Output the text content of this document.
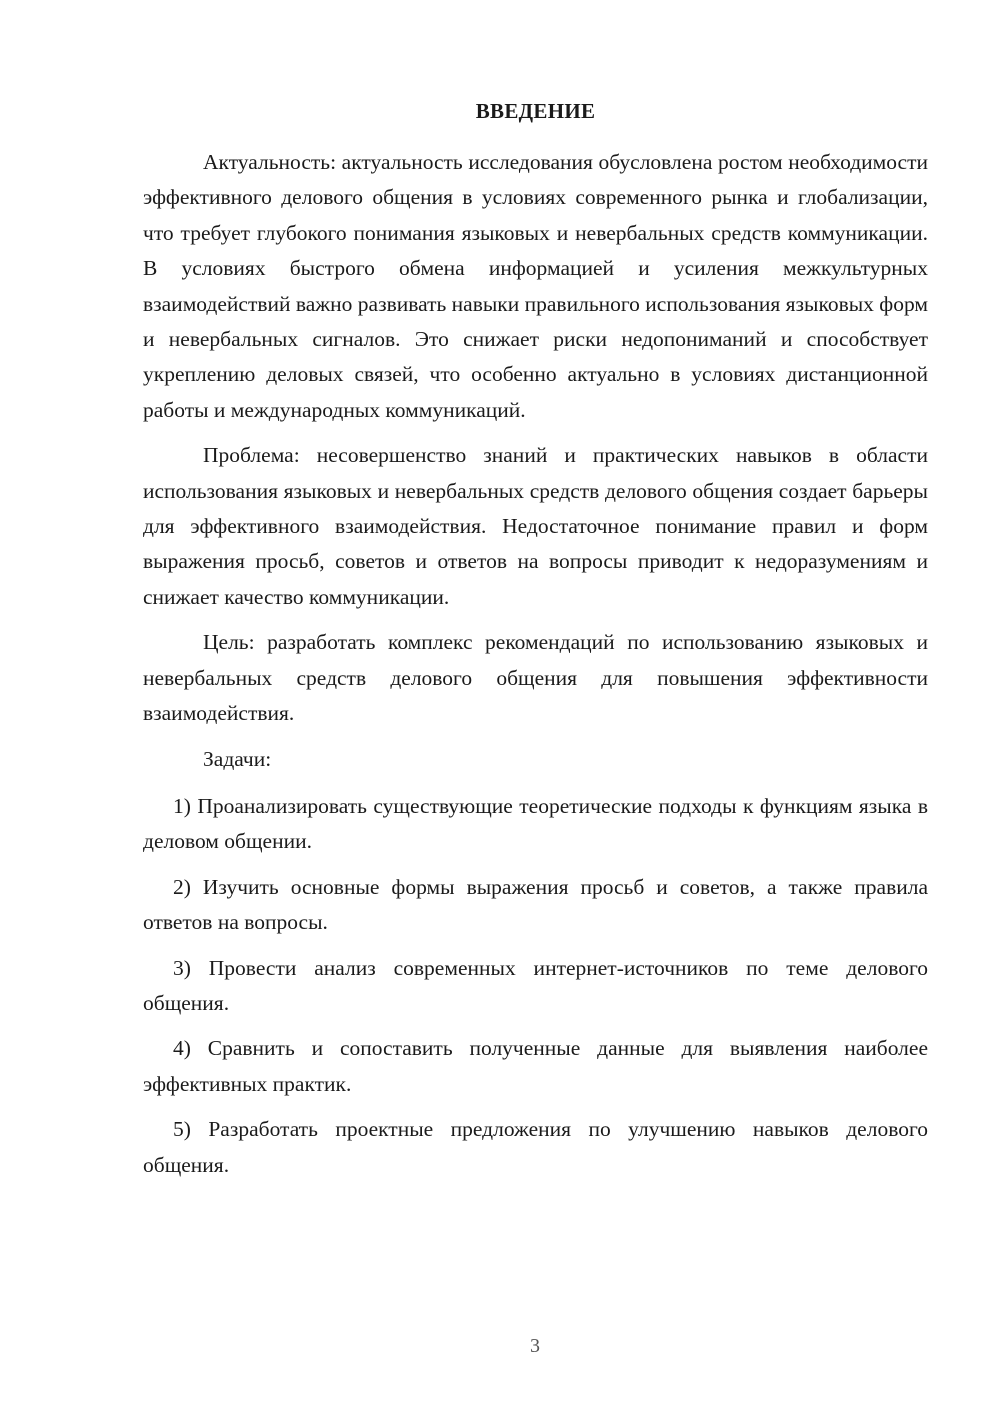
ВВЕДЕНИЕ

Актуальность: актуальность исследования обусловлена ростом необходимости эффективного делового общения в условиях современного рынка и глобализации, что требует глубокого понимания языковых и невербальных средств коммуникации. В условиях быстрого обмена информацией и усиления межкультурных взаимодействий важно развивать навыки правильного использования языковых форм и невербальных сигналов. Это снижает риски недопониманий и способствует укреплению деловых связей, что особенно актуально в условиях дистанционной работы и международных коммуникаций.

Проблема: несовершенство знаний и практических навыков в области использования языковых и невербальных средств делового общения создает барьеры для эффективного взаимодействия. Недостаточное понимание правил и форм выражения просьб, советов и ответов на вопросы приводит к недоразумениям и снижает качество коммуникации.

Цель: разработать комплекс рекомендаций по использованию языковых и невербальных средств делового общения для повышения эффективности взаимодействия.

Задачи:

1) Проанализировать существующие теоретические подходы к функциям языка в деловом общении.

2) Изучить основные формы выражения просьб и советов, а также правила ответов на вопросы.

3) Провести анализ современных интернет-источников по теме делового общения.

4) Сравнить и сопоставить полученные данные для выявления наиболее эффективных практик.

5) Разработать проектные предложения по улучшению навыков делового общения.

3
